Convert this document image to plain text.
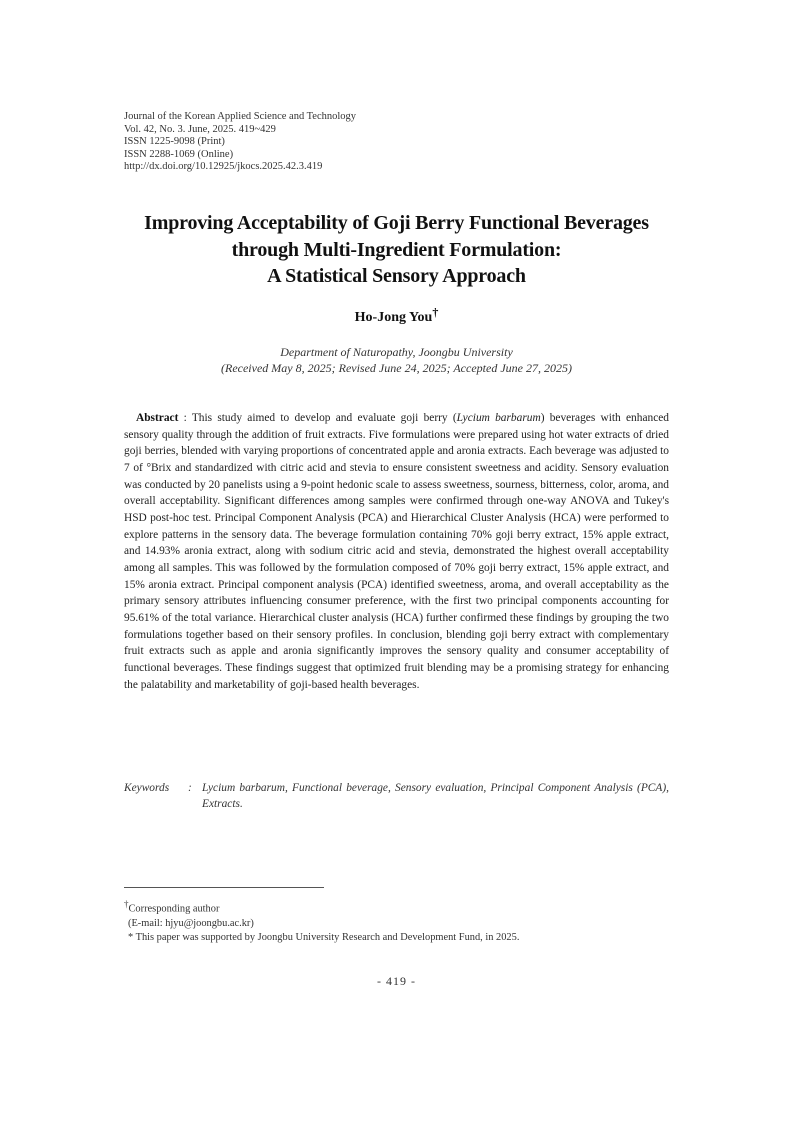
Journal of the Korean Applied Science and Technology
Vol. 42, No. 3. June, 2025. 419~429
ISSN 1225-9098 (Print)
ISSN 2288-1069 (Online)
http://dx.doi.org/10.12925/jkocs.2025.42.3.419
Improving Acceptability of Goji Berry Functional Beverages
through Multi-Ingredient Formulation:
A Statistical Sensory Approach
Ho-Jong You†
Department of Naturopathy, Joongbu University
(Received May 8, 2025; Revised June 24, 2025; Accepted June 27, 2025)
Abstract : This study aimed to develop and evaluate goji berry (Lycium barbarum) beverages with enhanced sensory quality through the addition of fruit extracts. Five formulations were prepared using hot water extracts of dried goji berries, blended with varying proportions of concentrated apple and aronia extracts. Each beverage was adjusted to 7 of °Brix and standardized with citric acid and stevia to ensure consistent sweetness and acidity. Sensory evaluation was conducted by 20 panelists using a 9-point hedonic scale to assess sweetness, sourness, bitterness, color, aroma, and overall acceptability. Significant differences among samples were confirmed through one-way ANOVA and Tukey's HSD post-hoc test. Principal Component Analysis (PCA) and Hierarchical Cluster Analysis (HCA) were performed to explore patterns in the sensory data. The beverage formulation containing 70% goji berry extract, 15% apple extract, and 14.93% aronia extract, along with sodium citric acid and stevia, demonstrated the highest overall acceptability among all samples. This was followed by the formulation composed of 70% goji berry extract, 15% apple extract, and 15% aronia extract. Principal component analysis (PCA) identified sweetness, aroma, and overall acceptability as the primary sensory attributes influencing consumer preference, with the first two principal components accounting for 95.61% of the total variance. Hierarchical cluster analysis (HCA) further confirmed these findings by grouping the two formulations together based on their sensory profiles. In conclusion, blending goji berry extract with complementary fruit extracts such as apple and aronia significantly improves the sensory quality and consumer acceptability of functional beverages. These findings suggest that optimized fruit blending may be a promising strategy for enhancing the palatability and marketability of goji-based health beverages.
Keywords : Lycium barbarum, Functional beverage, Sensory evaluation, Principal Component Analysis (PCA), Extracts.
†Corresponding author
(E-mail: hjyu@joongbu.ac.kr)
* This paper was supported by Joongbu University Research and Development Fund, in 2025.
- 419 -
